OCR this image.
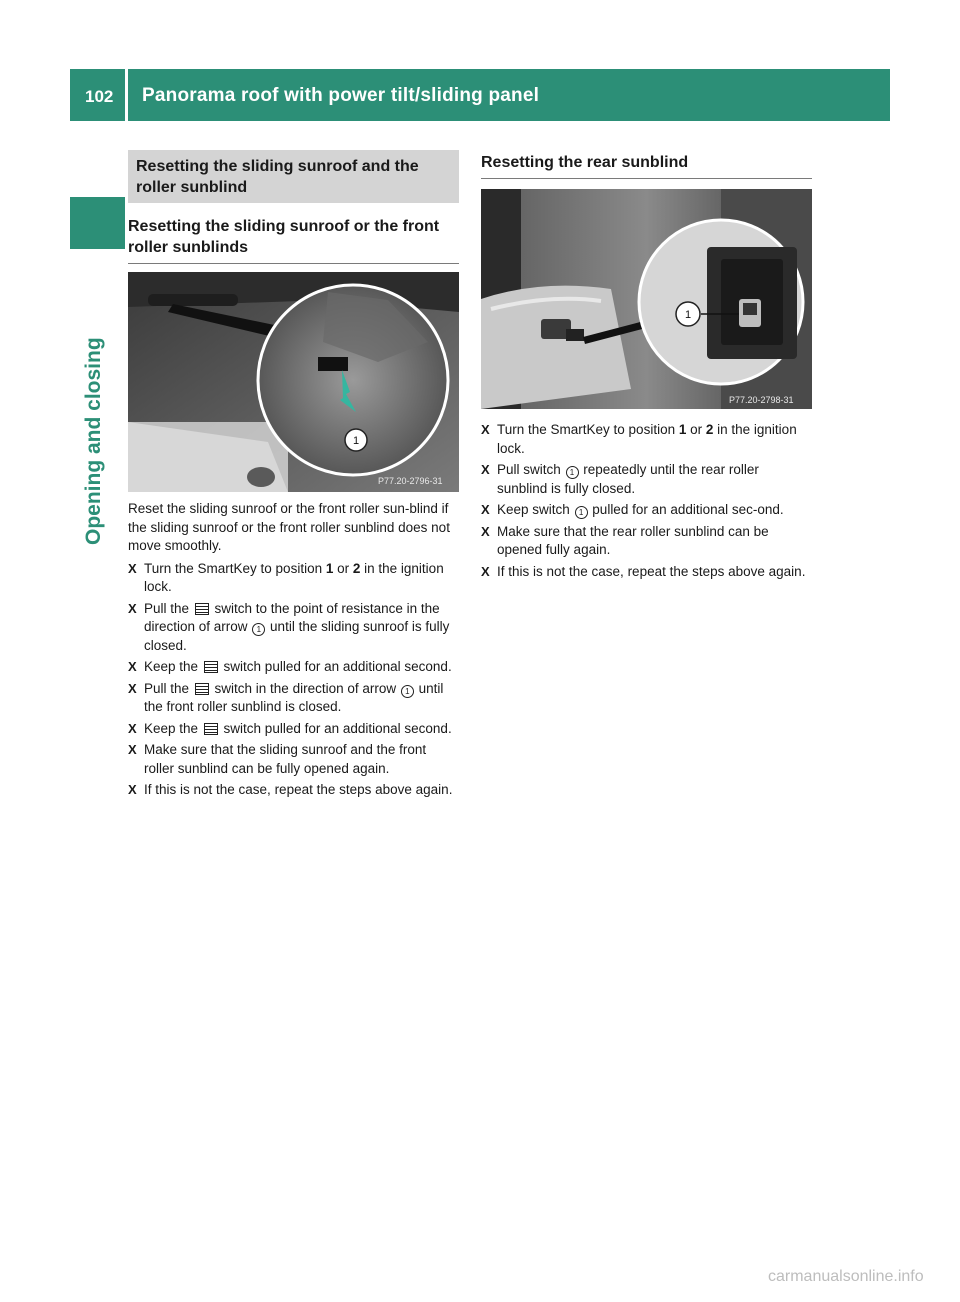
102	Panorama roof with power tilt/sliding panel
Opening and closing
Resetting the sliding sunroof and the roller sunblind
Resetting the sliding sunroof or the front roller sunblinds
1
P77.20-2796-31

Reset the sliding sunroof or the front roller sun-blind if the sliding sunroof or the front roller sunblind does not move smoothly.

X Turn the SmartKey to position 1 or 2 in the ignition lock.
X Pull the  switch to the point of resistance in the direction of arrow 1 until the sliding sunroof is fully closed.
X Keep the  switch pulled for an additional second.
X Pull the  switch in the direction of arrow 1 until the front roller sunblind is closed.
X Keep the  switch pulled for an additional second.
X Make sure that the sliding sunroof and the front roller sunblind can be fully opened again.
X If this is not the case, repeat the steps above again.
Resetting the rear sunblind
1
P77.20-2798-31
X Turn the SmartKey to position 1 or 2 in the ignition lock.
X Pull switch 1 repeatedly until the rear roller sunblind is fully closed.
X Keep switch 1 pulled for an additional sec-ond.
X Make sure that the rear roller sunblind can be opened fully again.
X If this is not the case, repeat the steps above again.
carmanualsonline.info
